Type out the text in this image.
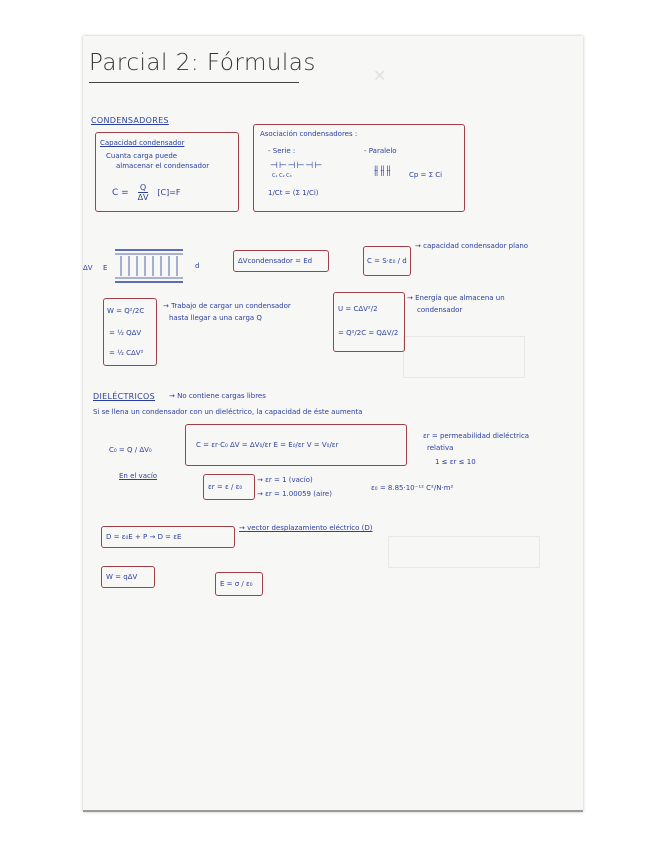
✕
Parcial 2: Fórmulas
CONDENSADORES
Capacidad condensador
Cuanta carga puede
almacenar el condensador
$C = \frac{Q}{\Delta V} [C]=F$
Asociación condensadores :
- Serie :	- Paralelo
⊣⊢⊣⊢⊣⊢
C₁ C₂ C₃
1/Ct = (Σ 1/Ci)
⫲⫲⫲ Cp = Σ Ci
ΔV E	d
ΔVcondensador = Ed	C = S·ε₀ / d
→ capacidad condensador plano
W = Q²/2C
= ½ QΔV
= ½ CΔV²
→ Trabajo de cargar un condensador
hasta llegar a una carga Q
U = CΔV²/2
= Q²/2C = QΔV/2
→ Energía que almacena un
condensador
DIELÉCTRICOS → No contiene cargas libres
Si se llena un condensador con un dieléctrico, la capacidad de éste aumenta
C₀ = Q / ΔV₀
En el vacío
C = εr·C₀ ΔV = ΔV₀/εr E = E₀/εr V = V₀/εr
εr = permeabilidad dieléctrica
relativa
1 ≤ εr ≤ 10
εr = ε / ε₀
→ εr = 1 (vacío)
→ εr = 1.00059 (aire)
ε₀ = 8.85·10⁻¹² C²/N·m²
D = ε₀E + P → D = εE
→ vector desplazamiento eléctrico (D)
W = qΔV
E = σ / ε₀
